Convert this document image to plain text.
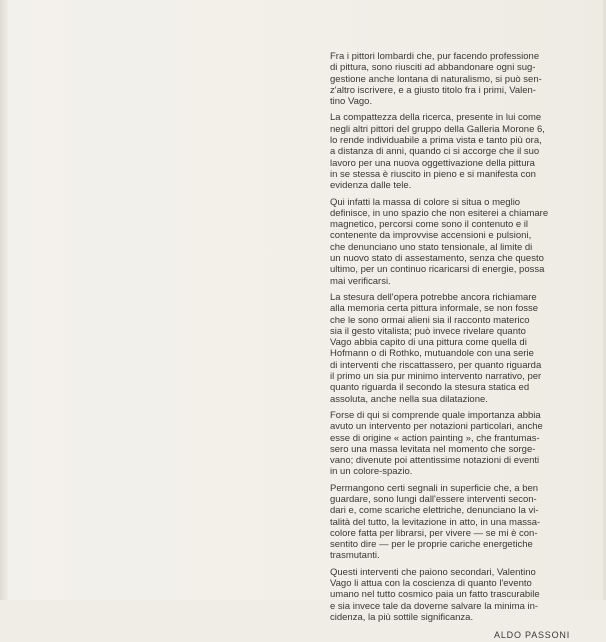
Fra i pittori lombardi che, pur facendo professione
di pittura, sono riusciti ad abbandonare ogni sug-
gestione anche lontana di naturalismo, si può sen-
z'altro iscrivere, e a giusto titolo fra i primi, Valen-
tino Vago.

La compattezza della ricerca, presente in lui come
negli altri pittori del gruppo della Galleria Morone 6,
lo rende individuabile a prima vista e tanto più ora,
a distanza di anni, quando ci si accorge che il suo
lavoro per una nuova oggettivazione della pittura
in se stessa è riuscito in pieno e si manifesta con
evidenza dalle tele.

Qui infatti la massa di colore si situa o meglio
definisce, in uno spazio che non esiterei a chiamare
magnetico, percorsi come sono il contenuto e il
contenente da improvvise accensioni e pulsioni,
che denunciano uno stato tensionale, al limite di
un nuovo stato di assestamento, senza che questo
ultimo, per un continuo ricaricarsi di energie, possa
mai verificarsi.

La stesura dell'opera potrebbe ancora richiamare
alla memoria certa pittura informale, se non fosse
che le sono ormai alieni sia il racconto materico
sia il gesto vitalista; può invece rivelare quanto
Vago abbia capito di una pittura come quella di
Hofmann o di Rothko, mutuandole con una serie
di interventi che riscattassero, per quanto riguarda
il primo un sia pur minimo intervento narrativo, per
quanto riguarda il secondo la stesura statica ed
assoluta, anche nella sua dilatazione.

Forse di qui si comprende quale importanza abbia
avuto un intervento per notazioni particolari, anche
esse di origine « action painting », che frantumas-
sero una massa levitata nel momento che sorge-
vano; divenute poi attentissime notazioni di eventi
in un colore-spazio.

Permangono certi segnali in superficie che, a ben
guardare, sono lungi dall'essere interventi secon-
dari e, come scariche elettriche, denunciano la vi-
talità del tutto, la levitazione in atto, in una massa-
colore fatta per librarsi, per vivere — se mi è con-
sentito dire — per le proprie cariche energetiche
trasmutanti.

Questi interventi che paiono secondari, Valentino
Vago li attua con la coscienza di quanto l'evento
umano nel tutto cosmico paia un fatto trascurabile
e sia invece tale da doverne salvare la minima in-
cidenza, la più sottile significanza.

ALDO PASSONI
